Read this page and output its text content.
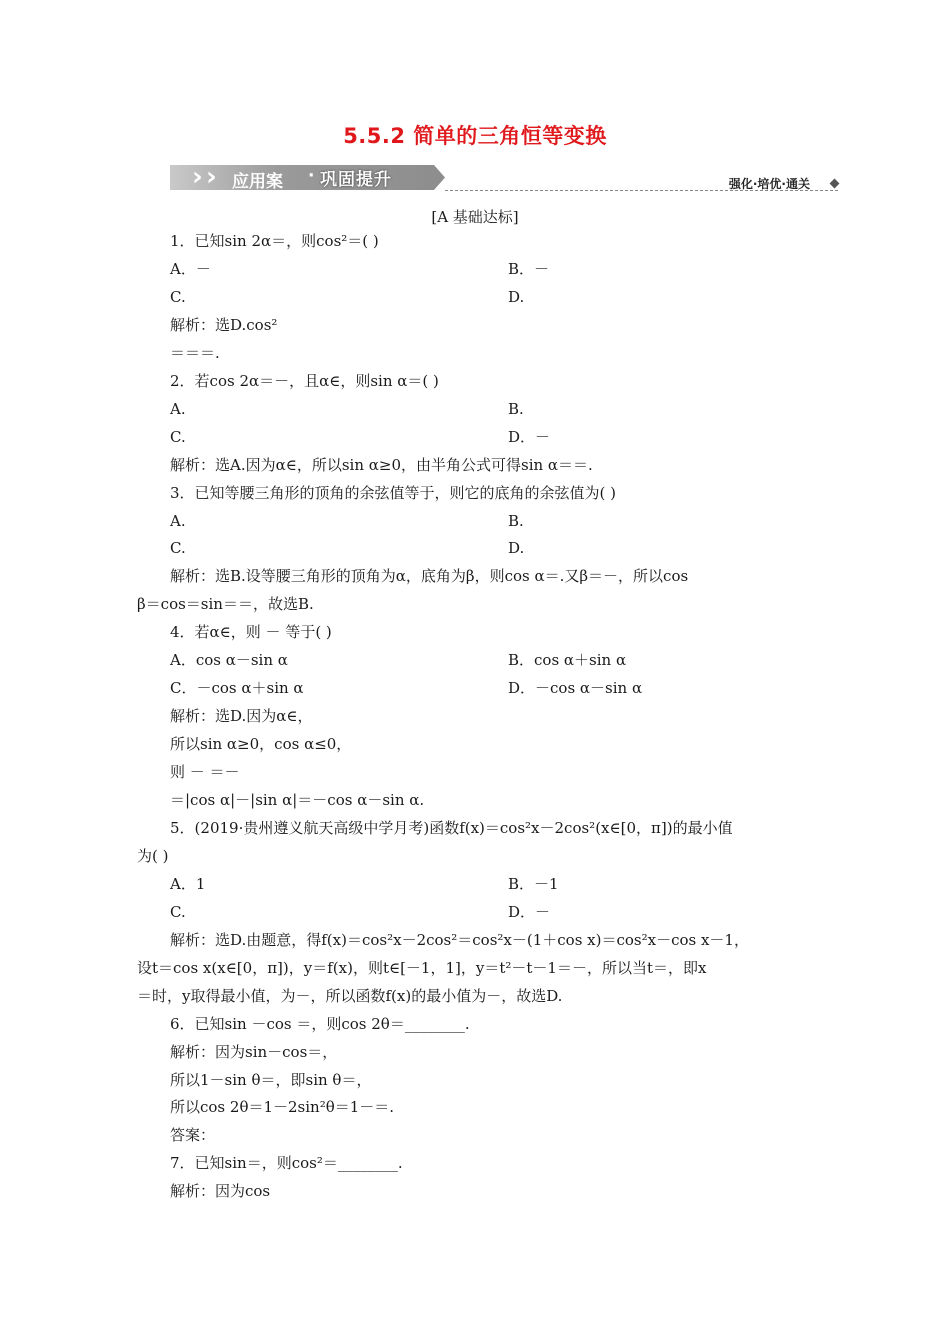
5.5.2 简单的三角恒等变换
› › 应用案 · 巩固提升	强化·培优·通关
[A 基础达标]
1．已知sin 2α＝，则cos²＝( )
A．－	B．－
C.	D.
解析：选D.cos²
＝＝＝.
2．若cos 2α＝－，且α∈，则sin α＝( )
A.	B.
C.	D．－
解析：选A.因为α∈，所以sin α≥0，由半角公式可得sin α＝＝.
3．已知等腰三角形的顶角的余弦值等于，则它的底角的余弦值为( )
A.	B.
C.	D.
解析：选B.设等腰三角形的顶角为α，底角为β，则cos α＝.又β＝－，所以cos
β＝cos＝sin＝＝，故选B.
4．若α∈，则 － 等于( )
A．cos α－sin α	B．cos α＋sin α
C．－cos α＋sin α	D．－cos α－sin α
解析：选D.因为α∈，
所以sin α≥0，cos α≤0，
则 － ＝－
＝|cos α|－|sin α|＝－cos α－sin α.
5．(2019·贵州遵义航天高级中学月考)函数f(x)＝cos²x－2cos²(x∈[0，π])的最小值
为( )
A．1	B．－1
C.	D．－
解析：选D.由题意，得f(x)＝cos²x－2cos²＝cos²x－(1＋cos x)＝cos²x－cos x－1，
设t＝cos x(x∈[0，π])，y＝f(x)，则t∈[－1，1]，y＝t²－t－1＝－，所以当t＝，即x
＝时，y取得最小值，为－，所以函数f(x)的最小值为－，故选D.
6．已知sin －cos ＝，则cos 2θ＝________.
解析：因为sin－cos＝，
所以1－sin θ＝，即sin θ＝，
所以cos 2θ＝1－2sin²θ＝1－＝.
答案：
7．已知sin＝，则cos²＝________.
解析：因为cos
